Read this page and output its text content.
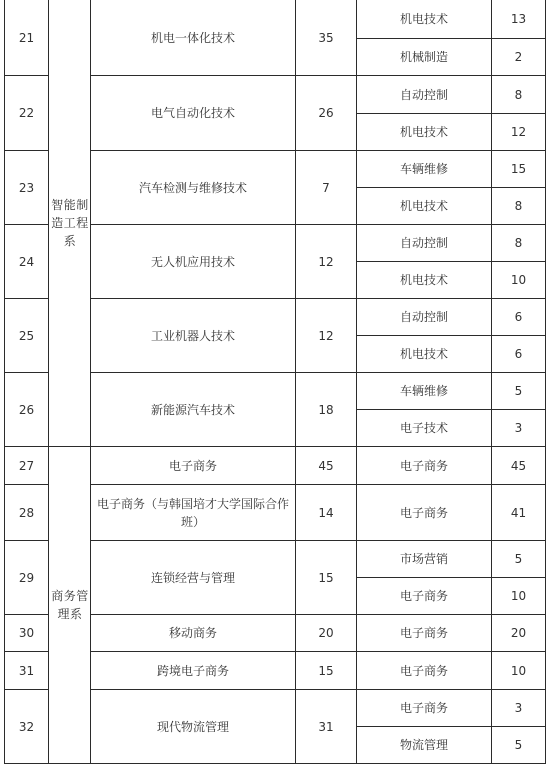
21	智能制造工程系	机电一体化技术	35	机电技术	13
				机械制造	2
22		电气自动化技术	26	自动控制	8
				机电技术	12
23		汽车检测与维修技术	7	车辆维修	15
				机电技术	8
24		无人机应用技术	12	自动控制	8
				机电技术	10
25		工业机器人技术	12	自动控制	6
				机电技术	6
26		新能源汽车技术	18	车辆维修	5
				电子技术	3
27	商务管理系	电子商务	45	电子商务	45
28		电子商务（与韩国培才大学国际合作班）	14	电子商务	41
29		连锁经营与管理	15	市场营销	5
				电子商务	10
30		移动商务	20	电子商务	20
31		跨境电子商务	15	电子商务	10
32		现代物流管理	31	电子商务	3
				物流管理	5
